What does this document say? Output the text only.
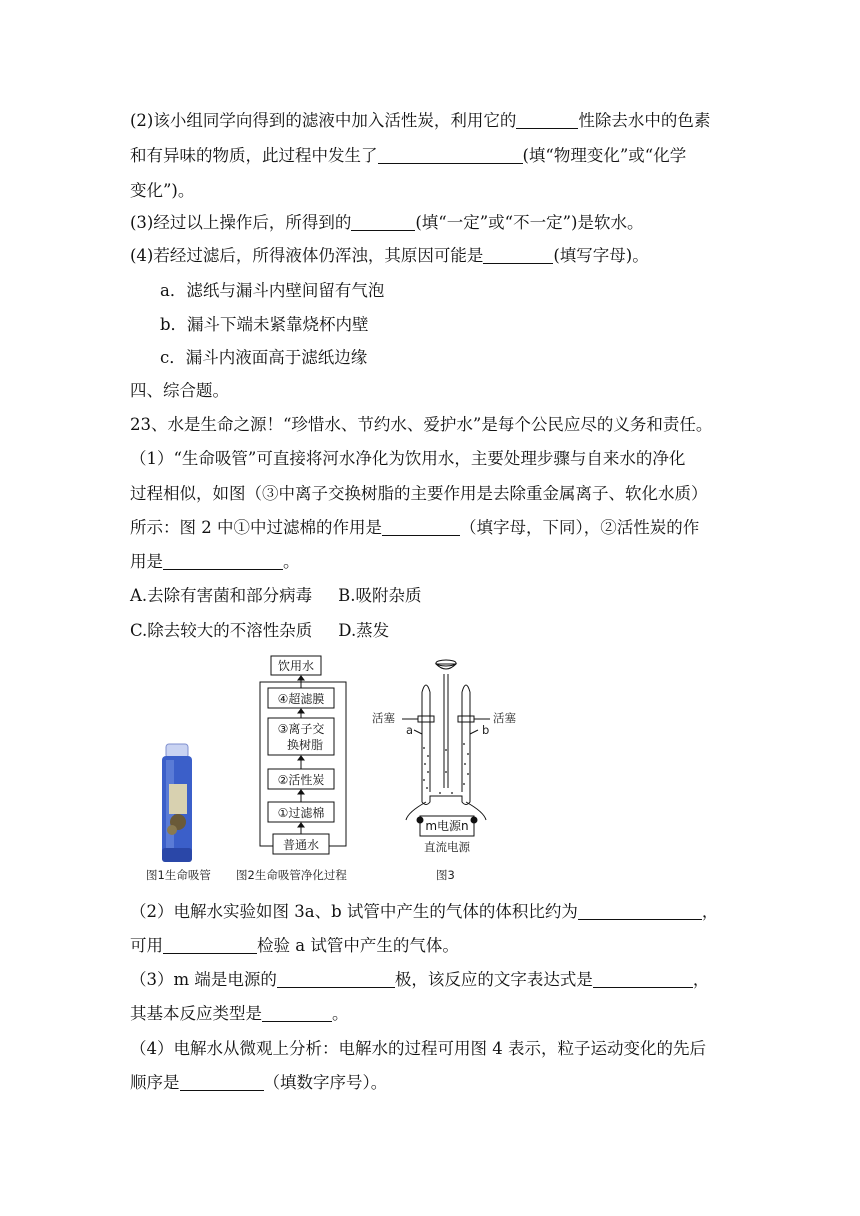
(2)该小组同学向得到的滤液中加入活性炭，利用它的	性除去水中的色素
和有异味的物质，此过程中发生了	(填“物理变化”或“化学
变化”)。
(3)经过以上操作后，所得到的	(填“一定”或“不一定”)是软水。
(4)若经过滤后，所得液体仍浑浊，其原因可能是	(填写字母)。
a．滤纸与漏斗内壁间留有气泡
b．漏斗下端未紧靠烧杯内壁
c．漏斗内液面高于滤纸边缘
四、综合题。
23、水是生命之源！“珍惜水、节约水、爱护水”是每个公民应尽的义务和责任。
（1）“生命吸管”可直接将河水净化为饮用水，主要处理步骤与自来水的净化
过程相似，如图（③中离子交换树脂的主要作用是去除重金属离子、软化水质）
所示：图 2 中①中过滤棉的作用是	（填字母，下同），②活性炭的作
用是	。
A.去除有害菌和部分病毒 B.吸附杂质
C.除去较大的不溶性杂质 D.蒸发
图1生命吸管
饮用水
④超滤膜
③离子交
换树脂
②活性炭
①过滤棉
普通水
图2生命吸管净化过程
活塞	活塞
a	b
m电源n
直流电源
图3
（2）电解水实验如图 3a、b 试管中产生的气体的体积比约为	，
可用	检验 a 试管中产生的气体。
（3）m 端是电源的	极，该反应的文字表达式是	，
其基本反应类型是	。
（4）电解水从微观上分析：电解水的过程可用图 4 表示，粒子运动变化的先后
顺序是	（填数字序号）。
